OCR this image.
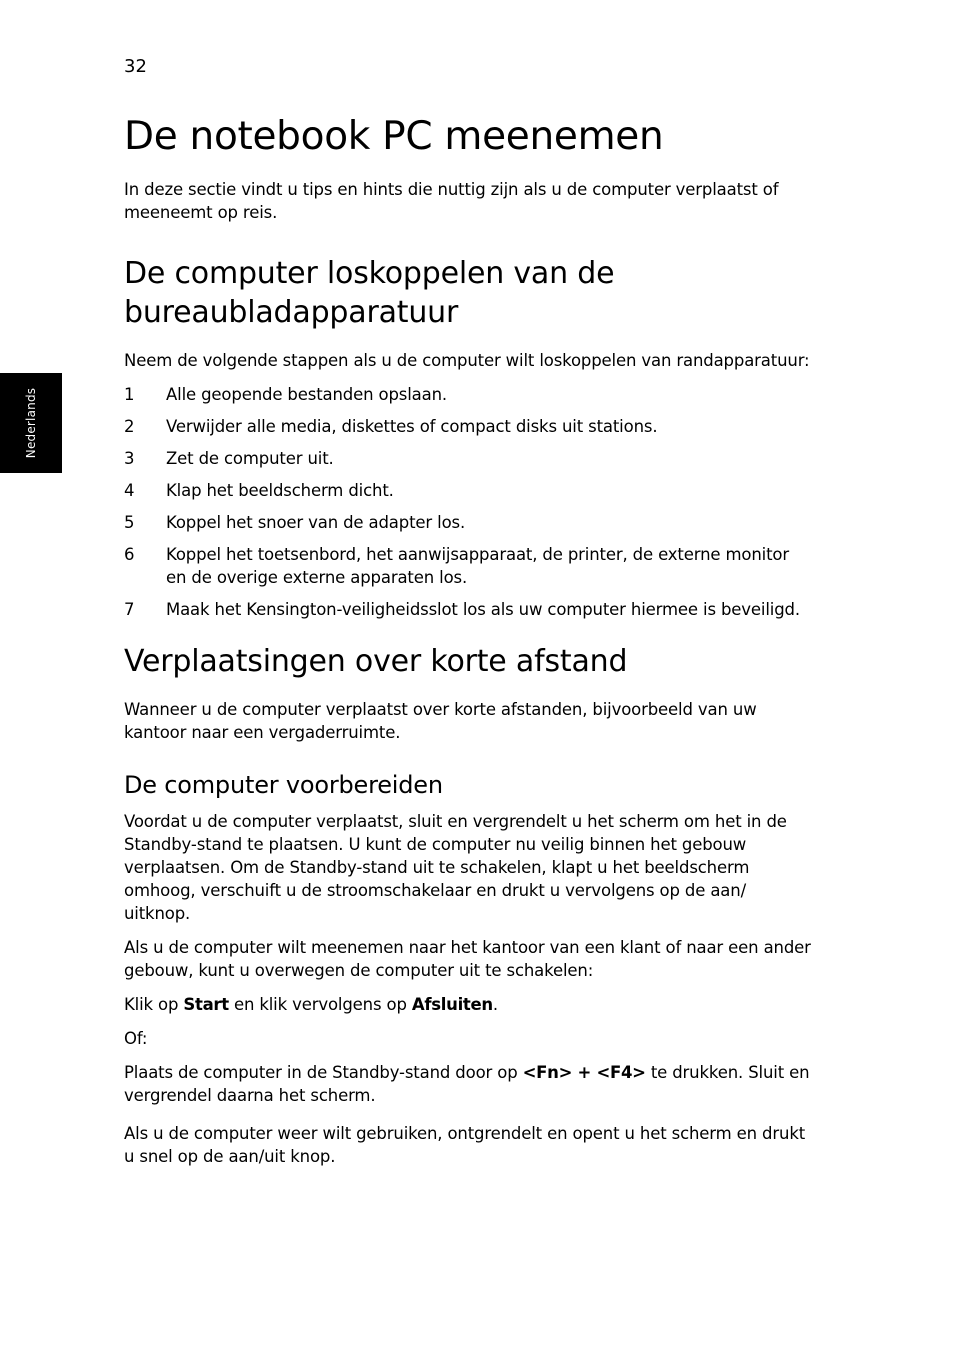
32
Nederlands
De notebook PC meenemen

In deze sectie vindt u tips en hints die nuttig zijn als u de computer verplaatst of meeneemt op reis.

De computer loskoppelen van de bureaubladapparatuur

Neem de volgende stappen als u de computer wilt loskoppelen van randapparatuur:

1 Alle geopende bestanden opslaan.
2 Verwijder alle media, diskettes of compact disks uit stations.
3 Zet de computer uit.
4 Klap het beeldscherm dicht.
5 Koppel het snoer van de adapter los.
6 Koppel het toetsenbord, het aanwijsapparaat, de printer, de externe monitor en de overige externe apparaten los.
7 Maak het Kensington-veiligheidsslot los als uw computer hiermee is beveiligd.
Verplaatsingen over korte afstand

Wanneer u de computer verplaatst over korte afstanden, bijvoorbeeld van uw kantoor naar een vergaderruimte.

De computer voorbereiden

Voordat u de computer verplaatst, sluit en vergrendelt u het scherm om het in de Standby-stand te plaatsen. U kunt de computer nu veilig binnen het gebouw verplaatsen. Om de Standby-stand uit te schakelen, klapt u het beeldscherm omhoog, verschuift u de stroomschakelaar en drukt u vervolgens op de aan/ uitknop.

Als u de computer wilt meenemen naar het kantoor van een klant of naar een ander gebouw, kunt u overwegen de computer uit te schakelen:

Klik op Start en klik vervolgens op Afsluiten.

Of:

Plaats de computer in de Standby-stand door op <Fn> + <F4> te drukken. Sluit en vergrendel daarna het scherm.

Als u de computer weer wilt gebruiken, ontgrendelt en opent u het scherm en drukt u snel op de aan/uit knop.
